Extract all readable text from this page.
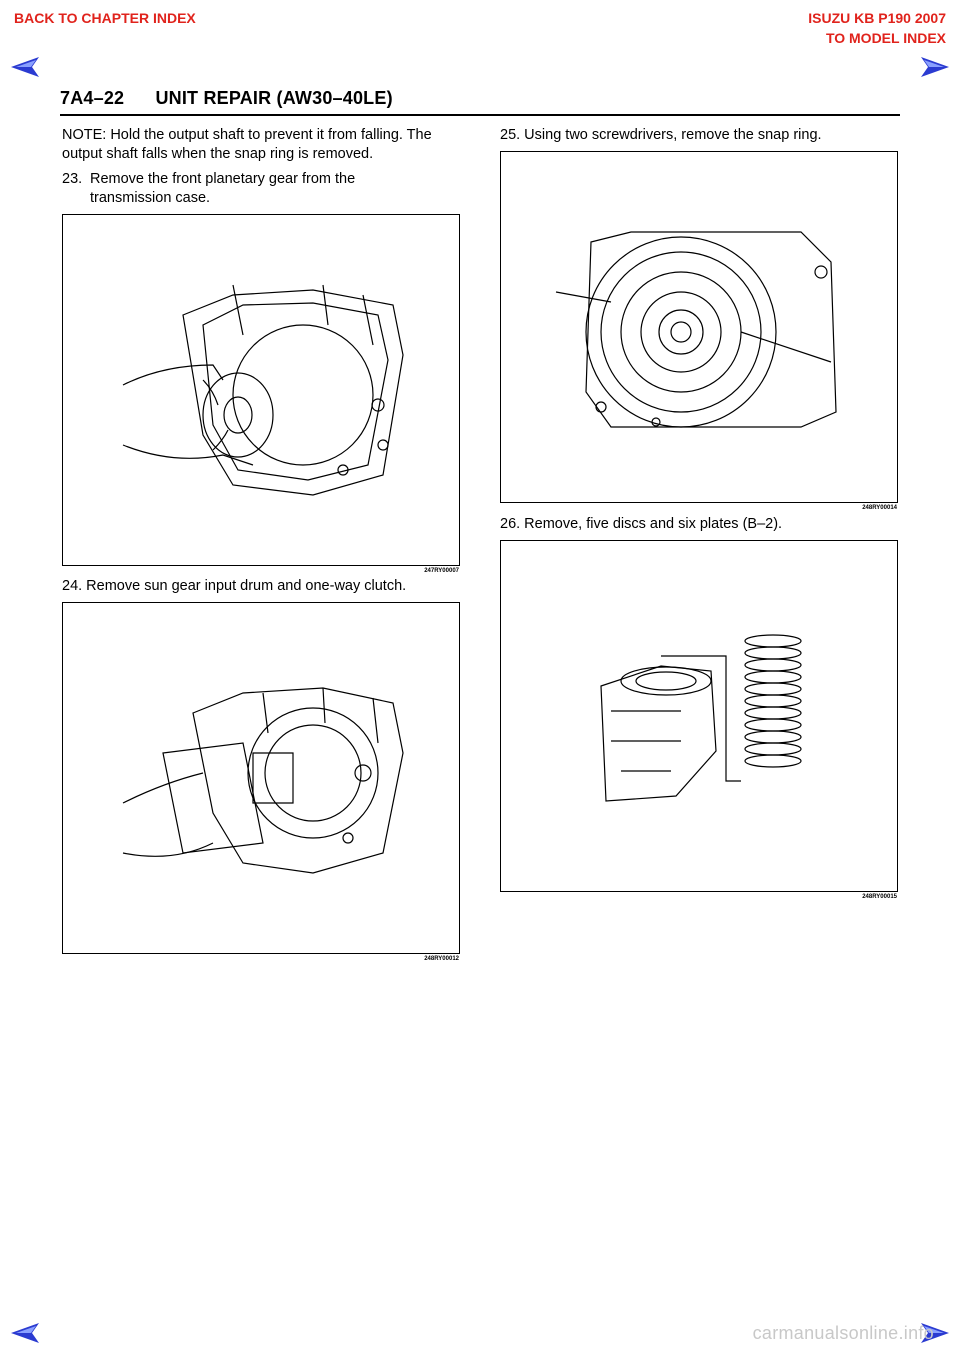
BACK TO CHAPTER INDEX	ISUZU KB P190 2007
TO MODEL INDEX
7A4–22      UNIT REPAIR (AW30–40LE)
NOTE: Hold the output shaft to prevent it from falling. The output shaft falls when the snap ring is removed.
23. Remove the front planetary gear from the
transmission case.
247RY00007
24. Remove sun gear input drum and one-way clutch.
248RY00012
25. Using two screwdrivers, remove the snap ring.
248RY00014
26. Remove, five discs and six plates (B–2).
248RY00015
carmanualsonline.info
